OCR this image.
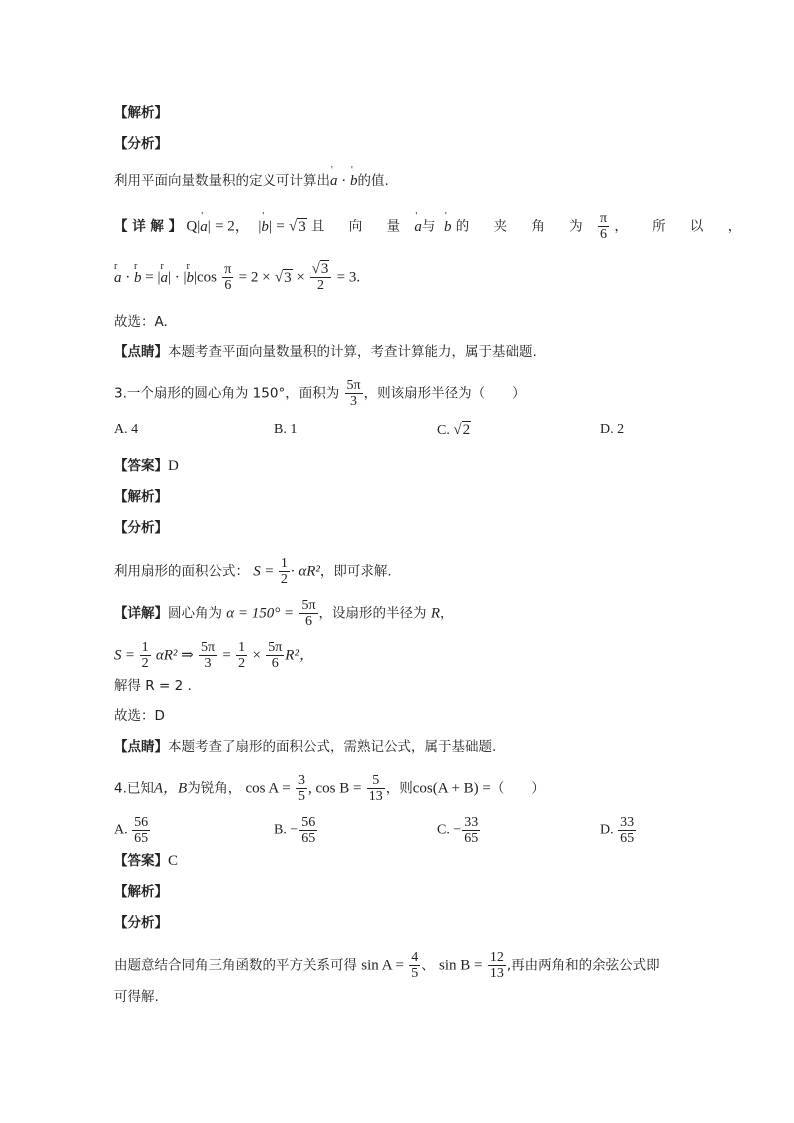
【解析】
【分析】
利用平面向量数量积的定义可计算出' a · ' b的值.
【 详 解 】 Q|' a| = 2， |' b| = √3 且 向 量 ' a与 ' b 的 夹 角 为 $\frac{\pi}{6}$ ， 所 以 ，
r a · r b = |r a| · |r $b|\cos \frac{\pi}{6} = 2 \times √3 \times \frac{√3}{2} = 3$.
故选：A.
【点睛】本题考查平面向量数量积的计算，考查计算能力，属于基础题.
3.一个扇形的圆心角为 150°，面积为 $\frac{5\pi}{3}$ ，则该扇形半径为（　　）
A. 4	B. 1	C. √2	D. 2
【答案】D
【解析】
【分析】
利用扇形的面积公式： $S = \frac{1}{2} \cdot \alpha R^2$，即可求解.
【详解】圆心角为 $\alpha = 150^\circ = \frac{5\pi}{6}$ ，设扇形的半径为 R，
$S = \frac{1}{2} \alpha R^2$ ⇒ $\frac{5\pi}{3} = \frac{1}{2} \times \frac{5\pi}{6} R^2$，
解得 R = 2 .
故选：D
【点睛】本题考查了扇形的面积公式，需熟记公式，属于基础题.
4.已知A，B为锐角， $\cos A = \frac{3}{5}$ , $\cos B = \frac{5}{13}$ ，则cos(A + B) =（　　）
A. $\frac{56}{65}$	B. − $\frac{56}{65}$	C. − $\frac{33}{65}$	D. $\frac{33}{65}$
【答案】C
【解析】
【分析】
由题意结合同角三角函数的平方关系可得 $\sin A = \frac{4}{5}$ 、 $\sin B = \frac{12}{13}$ ,再由两角和的余弦公式即
可得解.
